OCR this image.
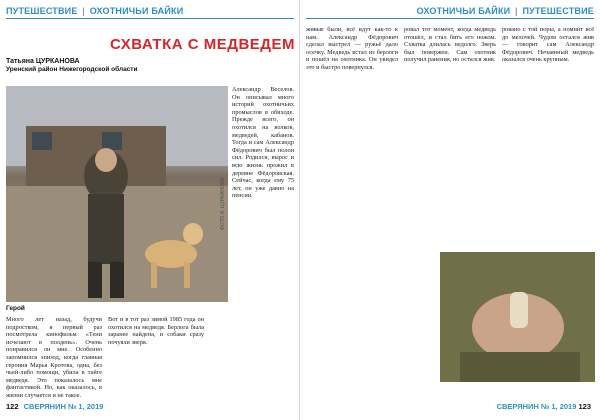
ПУТЕШЕСТВИЕ | ОХОТНИЧЬИ БАЙКИ
СХВАТКА С МЕДВЕДЕМ
Татьяна ЦУРКАНОВА
Уренский район Нижегородской области
Герой
ФОТО А. ЦУРКАНОВА
Много лет назад, будучи подростком, я первый раз посмотрела кинофильм «Тени исчезают в полдень». Очень понравился он мне. Особенно запомнился эпизод, когда главная героиня Марья Кротова, одна, без чьей-либо помощи, убила в тайге медведя. Это показалось мне фантастикой. Но, как оказалось, в жизни случается и не такое.
Александр Веселов. Он описывал много историй охотничьих промыслов в обиходе. Прежде всего, он охотился на волков, медведей, кабанов. Тогда и сам Александр Фёдорович был полон сил. Родился, вырос и всю жизнь прожил в деревне Фёдоровская. Сейчас, когда ему 75 лет, он уже давно на пенсии.
Вот и в тот раз зимой 1985 года он охотился на медведя. Берлога была заранее найдена, и собаки сразу почуяли зверя.
122 СВЕРЯНИН № 1, 2019
ОХОТНИЧЬИ БАЙКИ | ПУТЕШЕСТВИЕ
живые были, всё идут как-то к нам. Александр Фёдорович сделал выстрел — ружьё дало осечку. Медведь встал из берлоги и пошёл на охотника. Он увидел это и быстро повернулся.
ровал тот момент, когда медведь отошёл, и стал бить его ножом. Схватка длилась недолго. Зверь был повержен. Сам охотник получил ранения, но остался жив.
ровано с той поры, а помнит всё до мелочей. Чудом остался жив — говорит сам Александр Фёдорович. Нечаянный медведь оказался очень крупным.
СВЕРЯНИН № 1, 2019 123
